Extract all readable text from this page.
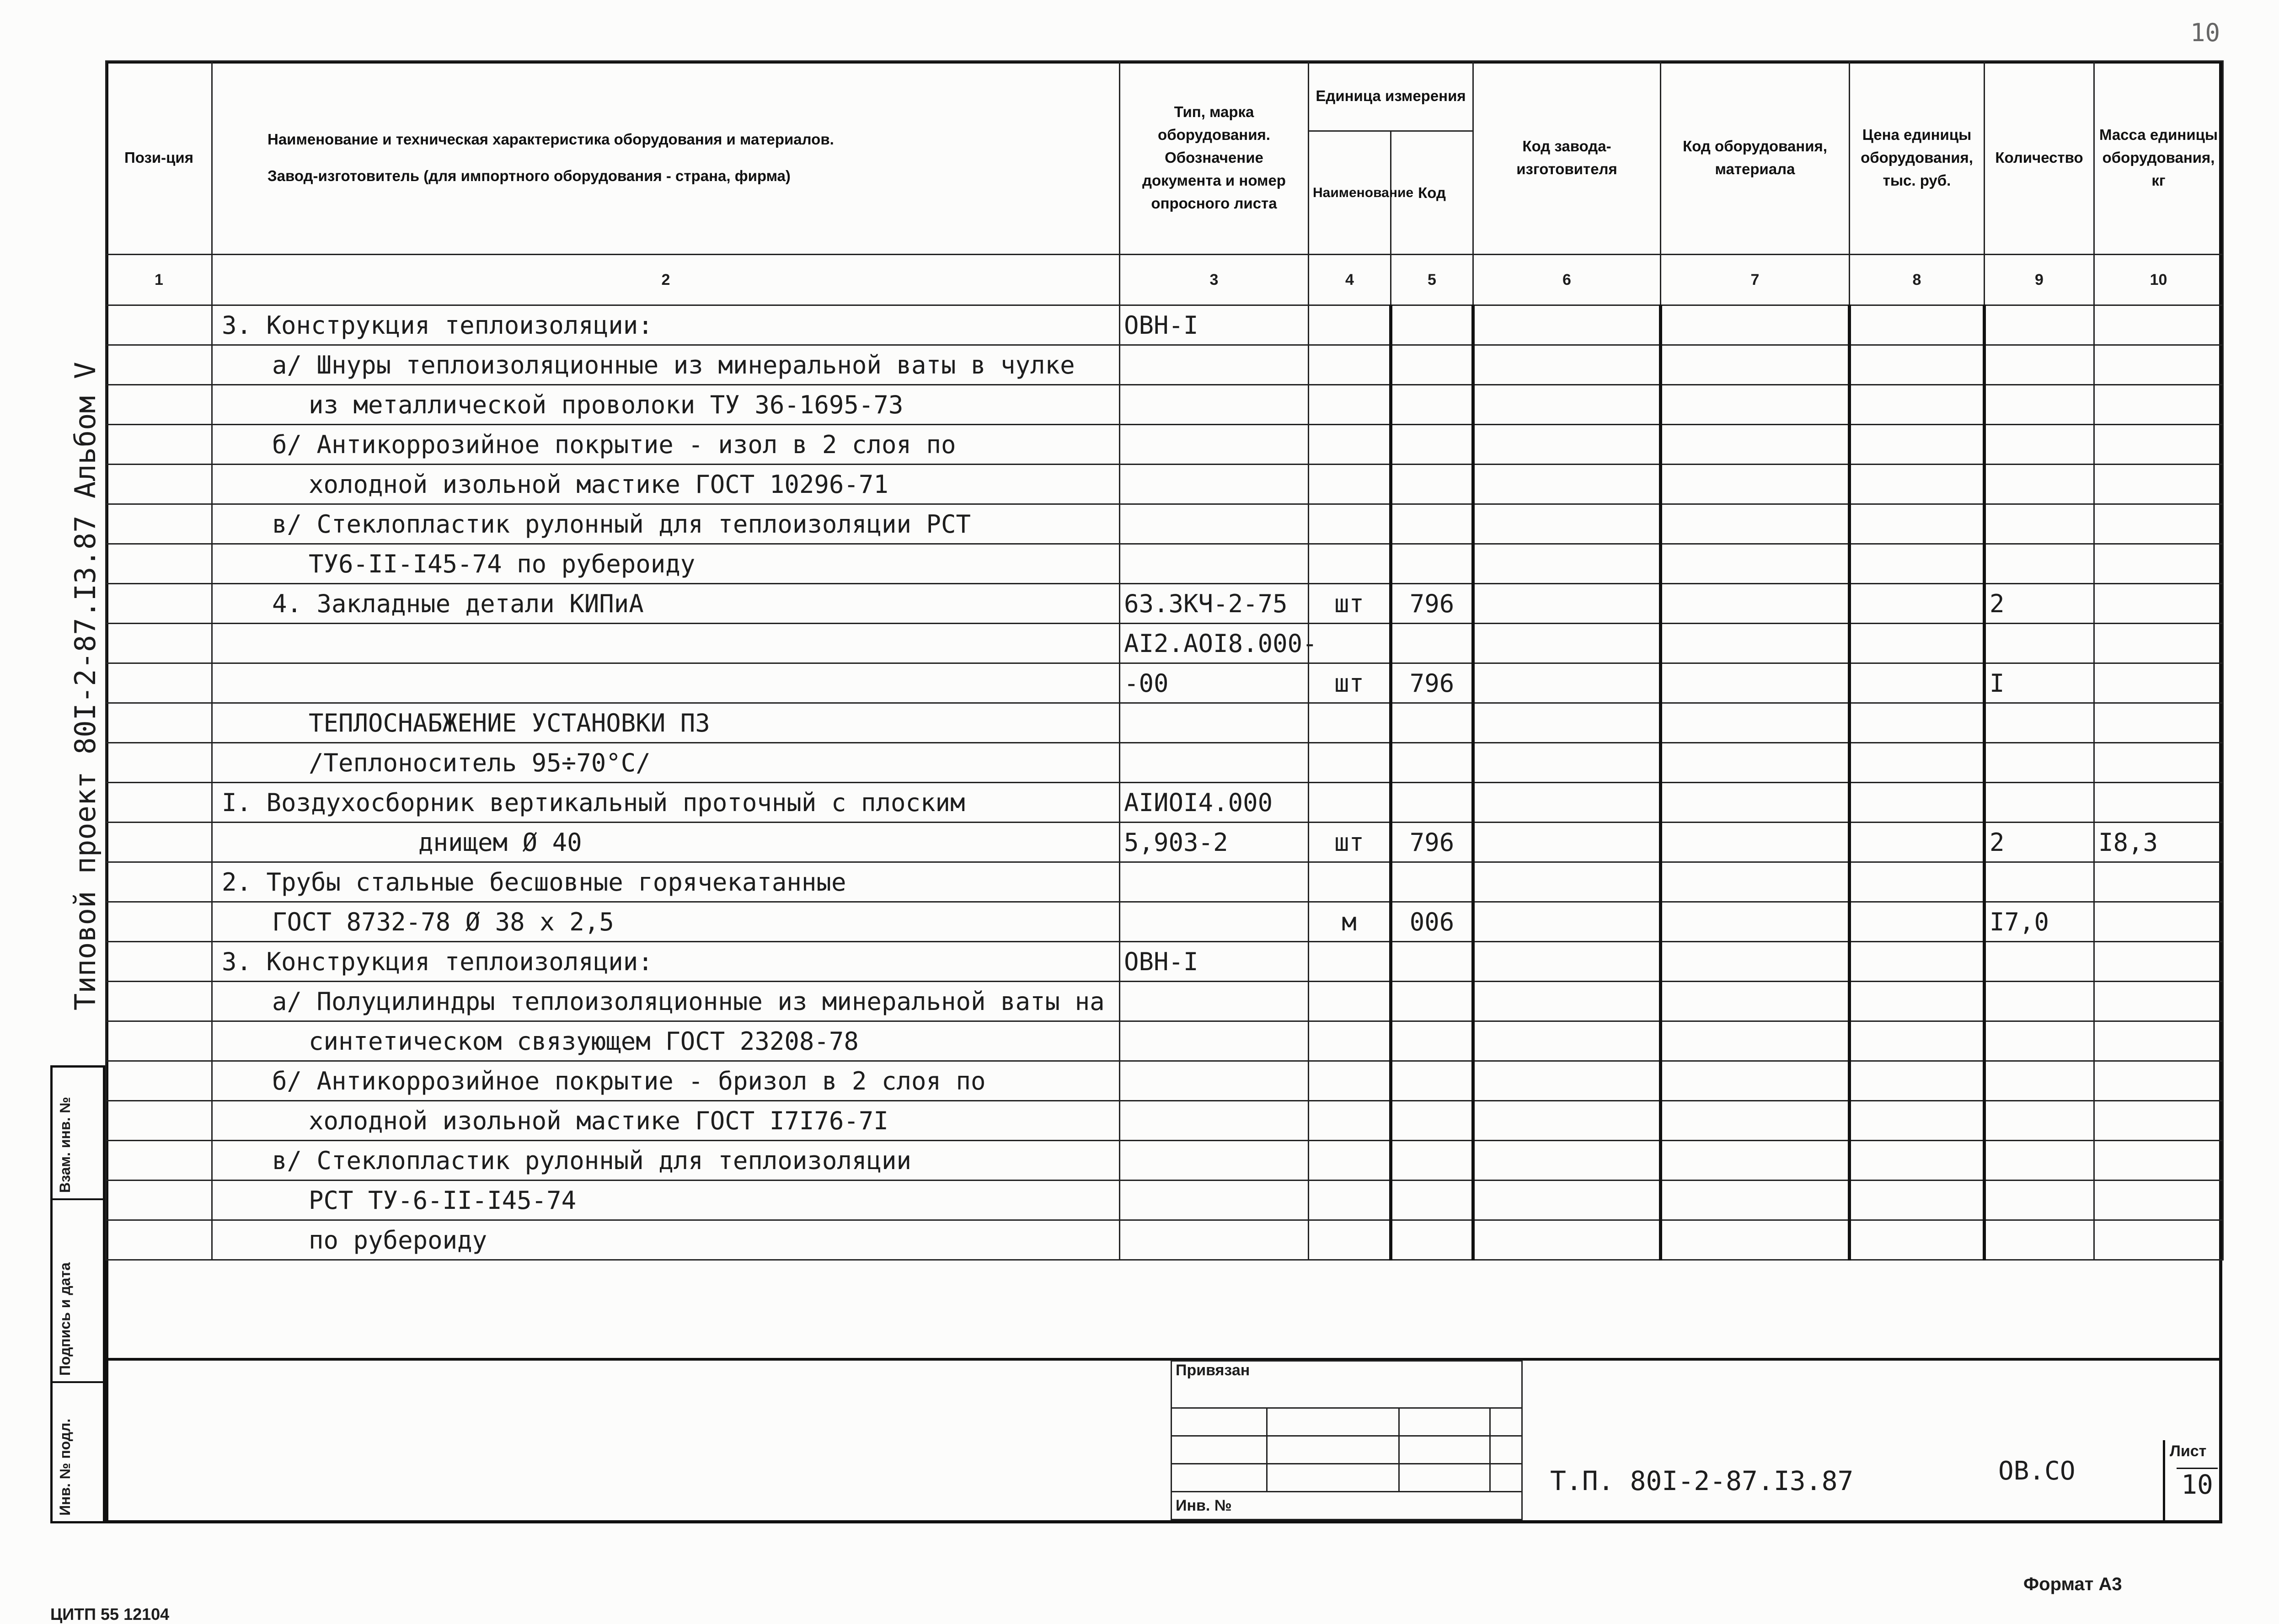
Пози-ция	Наименование и техническая характеристика оборудования и материалов.
Завод-изготовитель (для импортного оборудования - страна, фирма)	Тип, марка оборудования. Обозначение документа и номер опросного листа	Единица измерения		Код завода-изготовителя	Код оборудования, материала	Цена единицы оборудования, тыс. руб.	Количество	Масса единицы оборудования, кг
			Наименование	Код					
1	2	3	4	5	6	7	8	9	10
	3. Конструкция теплоизоляции:	ОВН-I							
	а/ Шнуры теплоизоляционные из минеральной ваты в чулке								
	из металлической проволоки ТУ 36-1695-73								
	б/ Антикоррозийное покрытие - изол в 2 слоя по								
	холодной изольной мастике ГОСТ 10296-71								
	в/ Стеклопластик рулонный для теплоизоляции РСТ								
	ТУ6-II-I45-74 по рубероиду								
	4. Закладные детали КИПиА	63.3КЧ-2-75	шт	796				2	
		АI2.АОI8.000-							
		-00	шт	796				I	
	ТЕПЛОСНАБЖЕНИЕ УСТАНОВКИ П3								
	/Теплоноситель 95÷70°С/								
	I. Воздухосборник вертикальный проточный с плоским	АIИОI4.000							
	днищем Ø 40	5,903-2	шт	796				2	I8,3
	2. Трубы стальные бесшовные горячекатанные								
	ГОСТ 8732-78 Ø 38 х 2,5		м	006				I7,0	
	3. Конструкция теплоизоляции:	ОВН-I							
	а/ Полуцилиндры теплоизоляционные из минеральной ваты на								
	синтетическом связующем ГОСТ 23208-78								
	б/ Антикоррозийное покрытие - бризол в 2 слоя по								
	холодной изольной мастике ГОСТ I7I76-7I								
	в/ Стеклопластик рулонный для теплоизоляции								
	РСТ ТУ-6-II-I45-74								
	по рубероиду								
Привязан			

Инв. №			
Т.П. 80I-2-87.I3.87	ОВ.СО
Лист
10
Взам. инв. №
Подпись и дата
Инв. № подл.
Типовой проект 80I-2-87.I3.87 Альбом V
10
Формат А3
ЦИТП 55 12104
